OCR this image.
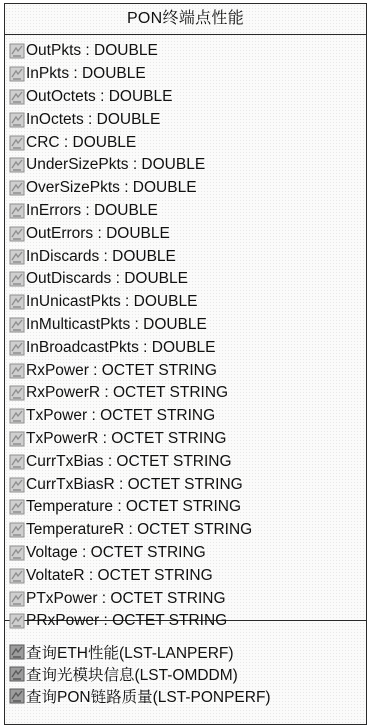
PON终端点性能
OutPkts : DOUBLE
InPkts : DOUBLE
OutOctets : DOUBLE
InOctets : DOUBLE
CRC : DOUBLE
UnderSizePkts : DOUBLE
OverSizePkts : DOUBLE
InErrors : DOUBLE
OutErrors : DOUBLE
InDiscards : DOUBLE
OutDiscards : DOUBLE
InUnicastPkts : DOUBLE
InMulticastPkts : DOUBLE
InBroadcastPkts : DOUBLE
RxPower : OCTET STRING
RxPowerR : OCTET STRING
TxPower : OCTET STRING
TxPowerR : OCTET STRING
CurrTxBias : OCTET STRING
CurrTxBiasR : OCTET STRING
Temperature : OCTET STRING
TemperatureR : OCTET STRING
Voltage : OCTET STRING
VoltateR : OCTET STRING
PTxPower : OCTET STRING
PRxPower : OCTET STRING
查询ETH性能(LST-LANPERF)
查询光模块信息(LST-OMDDM)
查询PON链路质量(LST-PONPERF)
